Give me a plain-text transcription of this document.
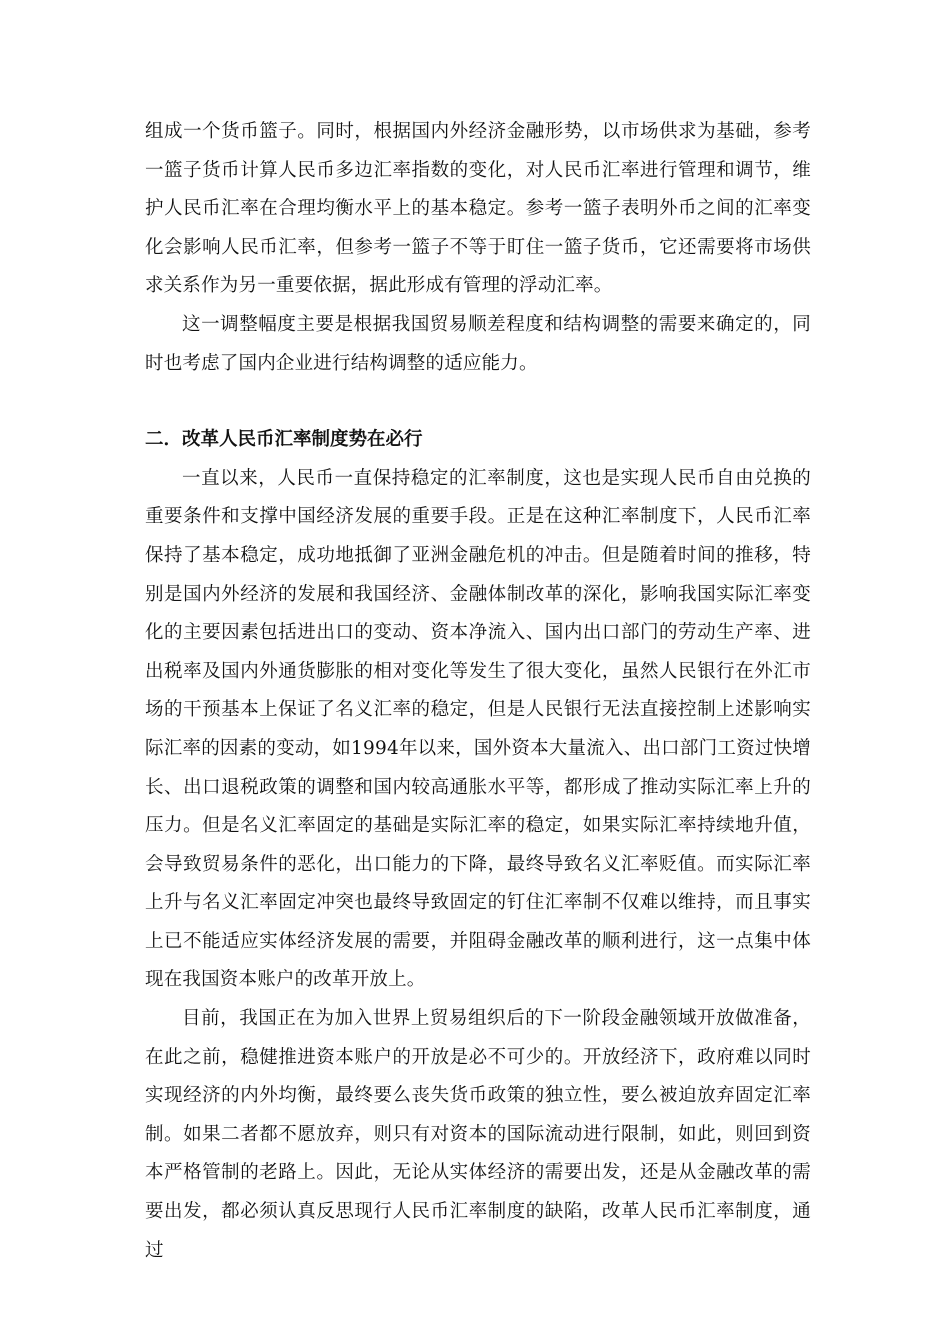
组成一个货币篮子。同时，根据国内外经济金融形势，以市场供求为基础，参考一篮子货币计算人民币多边汇率指数的变化，对人民币汇率进行管理和调节，维护人民币汇率在合理均衡水平上的基本稳定。参考一篮子表明外币之间的汇率变化会影响人民币汇率，但参考一篮子不等于盯住一篮子货币，它还需要将市场供求关系作为另一重要依据，据此形成有管理的浮动汇率。

这一调整幅度主要是根据我国贸易顺差程度和结构调整的需要来确定的，同时也考虑了国内企业进行结构调整的适应能力。

二．改革人民币汇率制度势在必行

一直以来，人民币一直保持稳定的汇率制度，这也是实现人民币自由兑换的重要条件和支撑中国经济发展的重要手段。正是在这种汇率制度下，人民币汇率保持了基本稳定，成功地抵御了亚洲金融危机的冲击。但是随着时间的推移，特别是国内外经济的发展和我国经济、金融体制改革的深化，影响我国实际汇率变化的主要因素包括进出口的变动、资本净流入、国内出口部门的劳动生产率、进出税率及国内外通货膨胀的相对变化等发生了很大变化，虽然人民银行在外汇市场的干预基本上保证了名义汇率的稳定，但是人民银行无法直接控制上述影响实际汇率的因素的变动，如1994年以来，国外资本大量流入、出口部门工资过快增长、出口退税政策的调整和国内较高通胀水平等，都形成了推动实际汇率上升的压力。但是名义汇率固定的基础是实际汇率的稳定，如果实际汇率持续地升值，会导致贸易条件的恶化，出口能力的下降，最终导致名义汇率贬值。而实际汇率上升与名义汇率固定冲突也最终导致固定的钉住汇率制不仅难以维持，而且事实上已不能适应实体经济发展的需要，并阻碍金融改革的顺利进行，这一点集中体现在我国资本账户的改革开放上。

目前，我国正在为加入世界上贸易组织后的下一阶段金融领域开放做准备，在此之前，稳健推进资本账户的开放是必不可少的。开放经济下，政府难以同时实现经济的内外均衡，最终要么丧失货币政策的独立性，要么被迫放弃固定汇率制。如果二者都不愿放弃，则只有对资本的国际流动进行限制，如此，则回到资本严格管制的老路上。因此，无论从实体经济的需要出发，还是从金融改革的需要出发，都必须认真反思现行人民币汇率制度的缺陷，改革人民币汇率制度，通过
